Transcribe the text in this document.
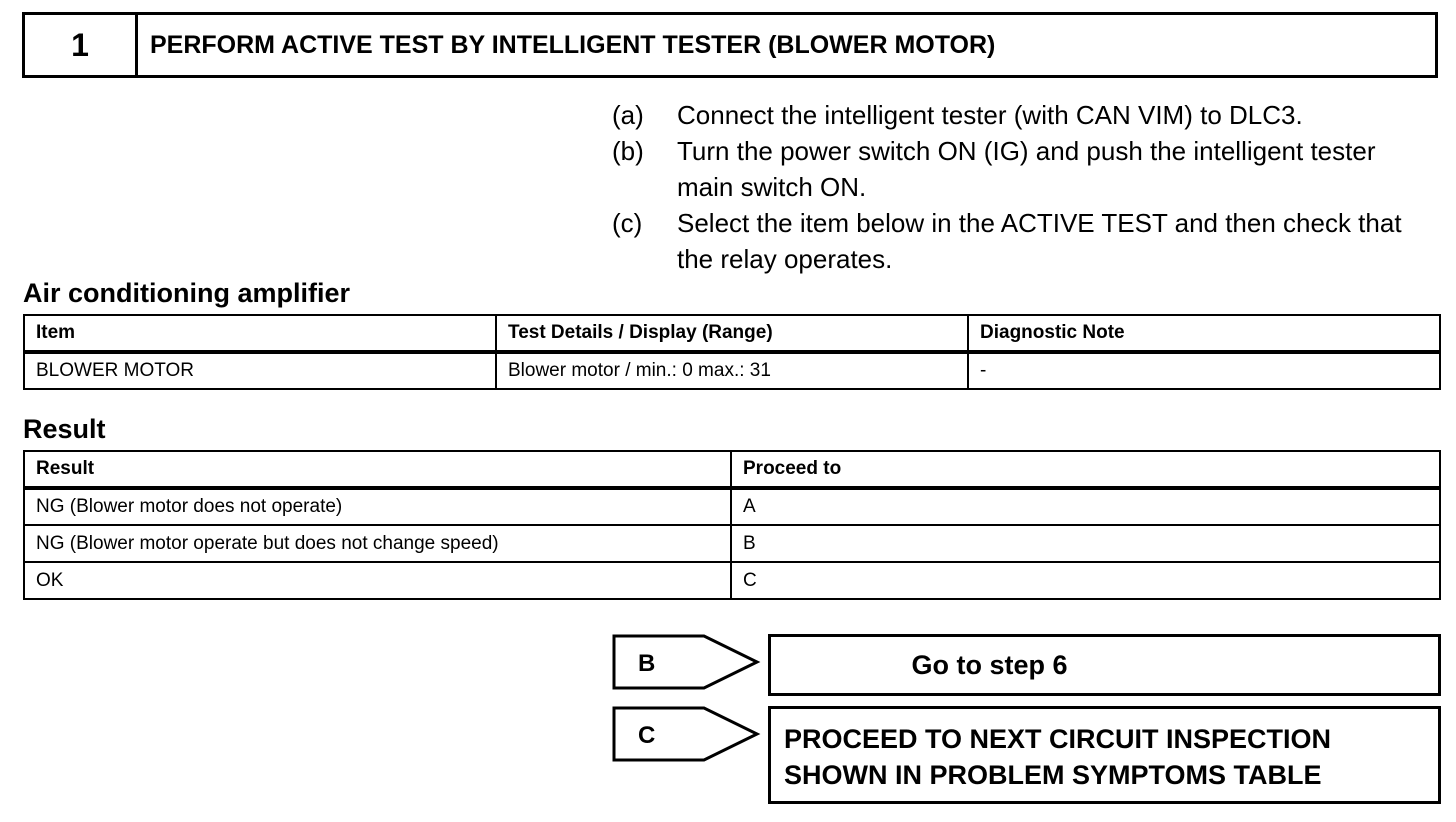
1	PERFORM ACTIVE TEST BY INTELLIGENT TESTER (BLOWER MOTOR)
(a)	Connect the intelligent tester (with CAN VIM) to DLC3.
(b)	Turn the power switch ON (IG) and push the intelligent tester main switch ON.
(c)	Select the item below in the ACTIVE TEST and then check that the relay operates.
Air conditioning amplifier
Item	Test Details / Display (Range)	Diagnostic Note
BLOWER MOTOR	Blower motor / min.: 0 max.: 31	-
Result
Result	Proceed to
NG (Blower motor does not operate)	A
NG (Blower motor operate but does not change speed)	B
OK	C
B	Go to step 6
C	PROCEED TO NEXT CIRCUIT INSPECTION SHOWN IN PROBLEM SYMPTOMS TABLE
